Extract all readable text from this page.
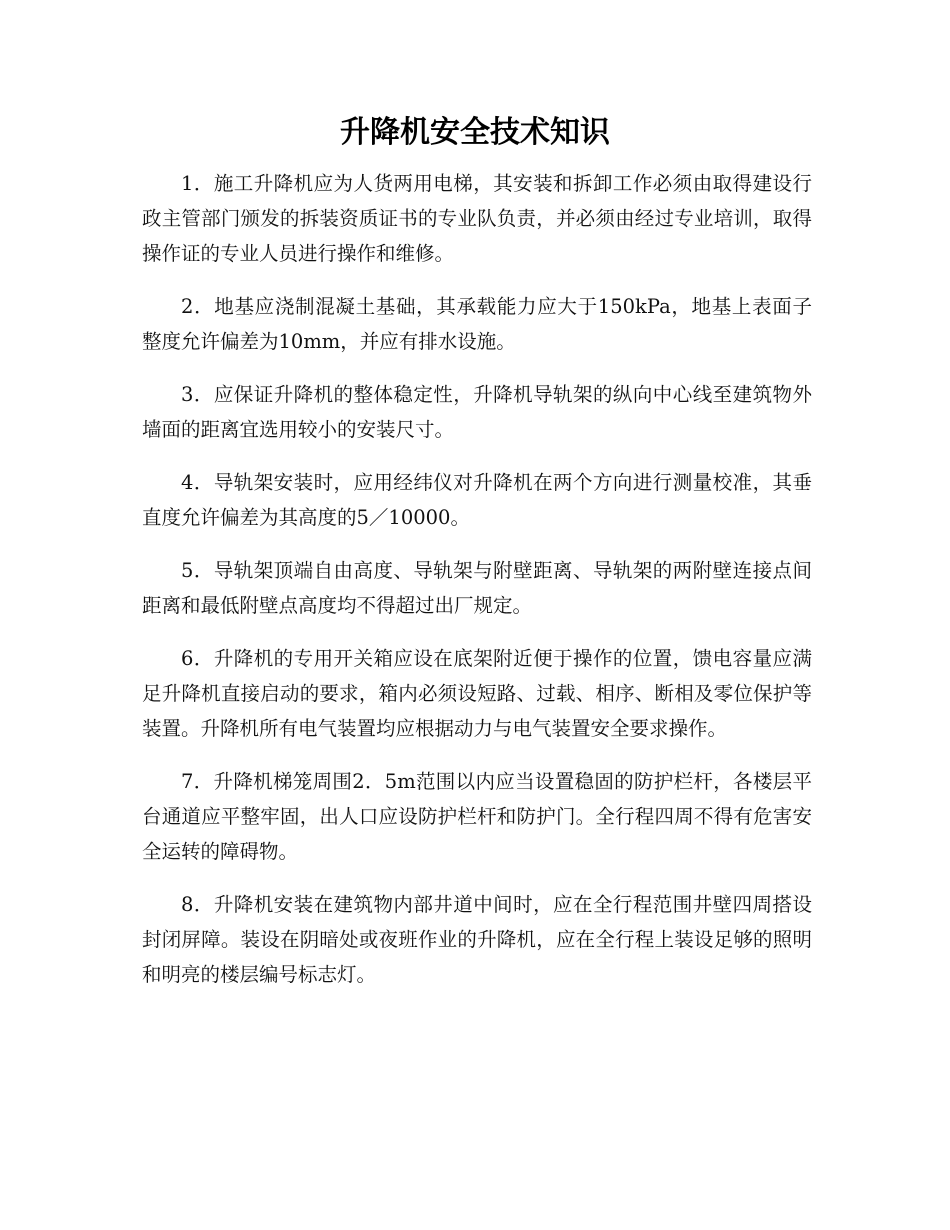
升降机安全技术知识

1．施工升降机应为人货两用电梯，其安装和拆卸工作必须由取得建设行政主管部门颁发的拆装资质证书的专业队负责，并必须由经过专业培训，取得操作证的专业人员进行操作和维修。

2．地基应浇制混凝土基础，其承载能力应大于150kPa，地基上表面子整度允许偏差为10mm，并应有排水设施。

3．应保证升降机的整体稳定性，升降机导轨架的纵向中心线至建筑物外墙面的距离宜选用较小的安装尺寸。

4．导轨架安装时，应用经纬仪对升降机在两个方向进行测量校准，其垂直度允许偏差为其高度的5／10000。

5．导轨架顶端自由高度、导轨架与附壁距离、导轨架的两附壁连接点间距离和最低附壁点高度均不得超过出厂规定。

6．升降机的专用开关箱应设在底架附近便于操作的位置，馈电容量应满足升降机直接启动的要求，箱内必须设短路、过载、相序、断相及零位保护等装置。升降机所有电气装置均应根据动力与电气装置安全要求操作。

7．升降机梯笼周围2．5m范围以内应当设置稳固的防护栏杆，各楼层平台通道应平整牢固，出人口应设防护栏杆和防护门。全行程四周不得有危害安全运转的障碍物。

8．升降机安装在建筑物内部井道中间时，应在全行程范围井壁四周搭设封闭屏障。装设在阴暗处或夜班作业的升降机，应在全行程上装设足够的照明和明亮的楼层编号标志灯。
